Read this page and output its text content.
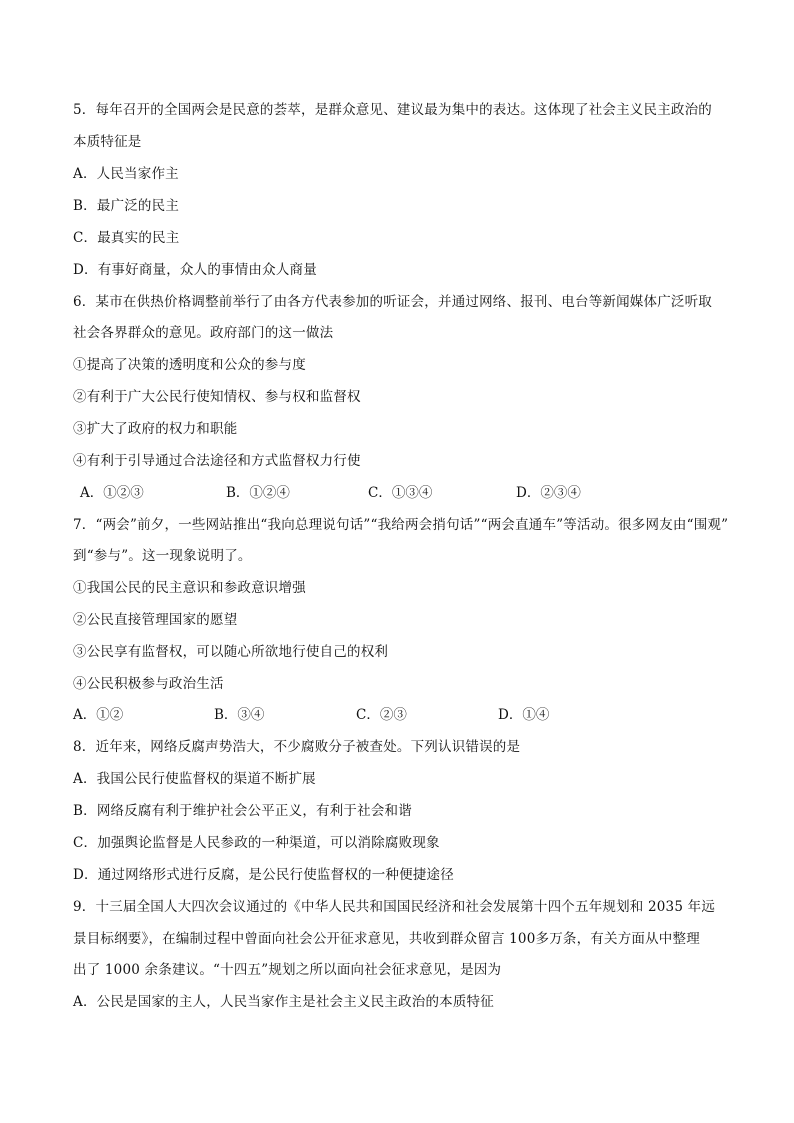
5．每年召开的全国两会是民意的荟萃，是群众意见、建议最为集中的表达。这体现了社会主义民主政治的
本质特征是
A．人民当家作主
B．最广泛的民主
C．最真实的民主
D．有事好商量，众人的事情由众人商量
6．某市在供热价格调整前举行了由各方代表参加的听证会，并通过网络、报刊、电台等新闻媒体广泛听取
社会各界群众的意见。政府部门的这一做法
①提高了决策的透明度和公众的参与度
②有利于广大公民行使知情权、参与权和监督权
③扩大了政府的权力和职能
④有利于引导通过合法途径和方式监督权力行使
A．①②③	B．①②④	C．①③④	D．②③④
7．“两会”前夕，一些网站推出“我向总理说句话”“我给两会捎句话”“两会直通车”等活动。很多网友由“围观”
到“参与”。这一现象说明了。
①我国公民的民主意识和参政意识增强
②公民直接管理国家的愿望
③公民享有监督权，可以随心所欲地行使自己的权利
④公民积极参与政治生活
A．①②	B．③④	C．②③	D．①④
8．近年来，网络反腐声势浩大，不少腐败分子被查处。下列认识错误的是
A．我国公民行使监督权的渠道不断扩展
B．网络反腐有利于维护社会公平正义，有利于社会和谐
C．加强舆论监督是人民参政的一种渠道，可以消除腐败现象
D．通过网络形式进行反腐，是公民行使监督权的一种便捷途径
9．十三届全国人大四次会议通过的《中华人民共和国国民经济和社会发展第十四个五年规划和 2035 年远
景目标纲要》，在编制过程中曾面向社会公开征求意见，共收到群众留言 100多万条，有关方面从中整理
出了 1000 余条建议。“十四五”规划之所以面向社会征求意见，是因为
A．公民是国家的主人，人民当家作主是社会主义民主政治的本质特征
